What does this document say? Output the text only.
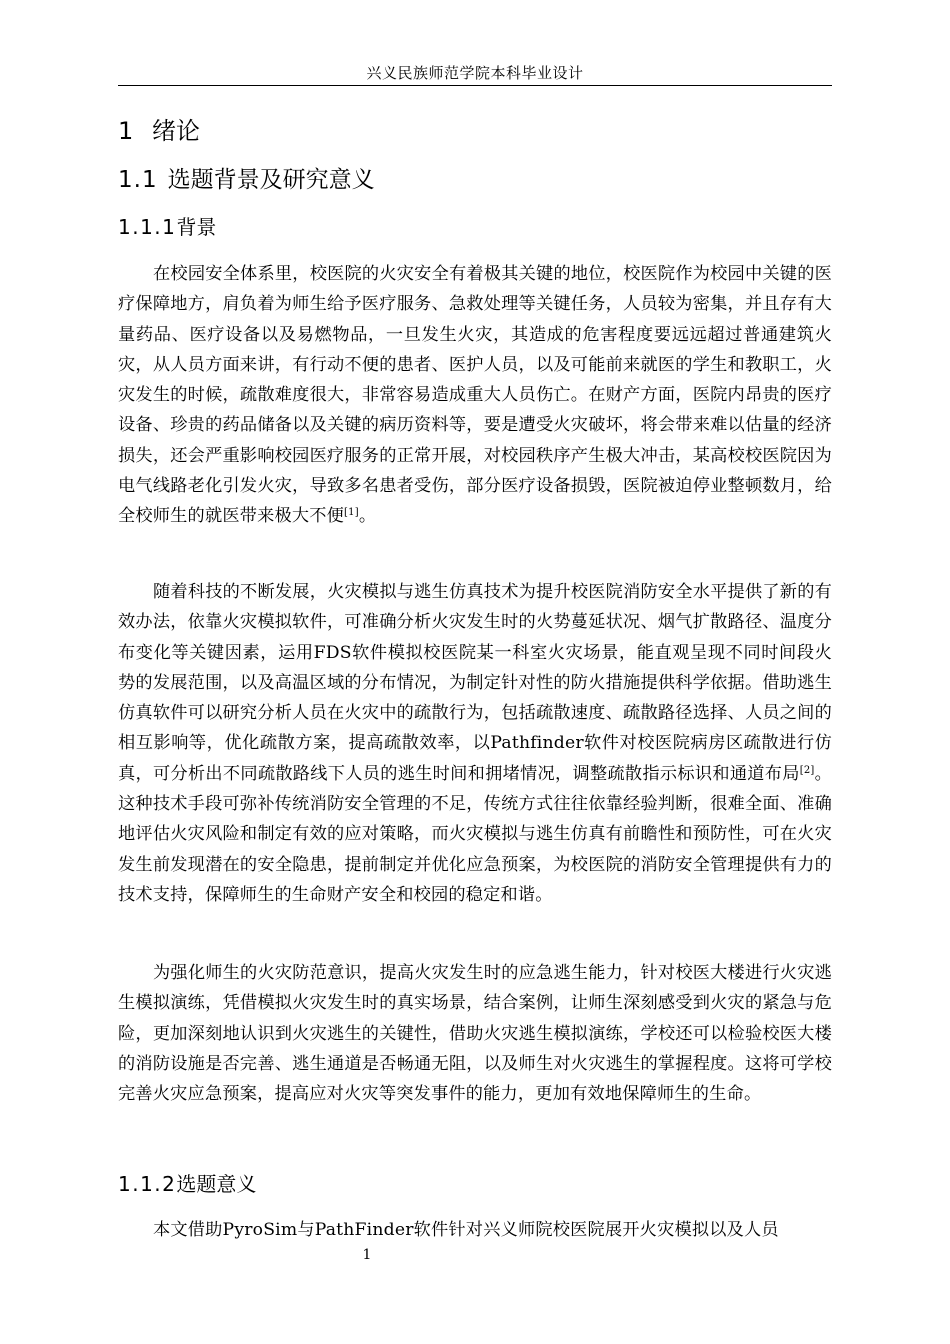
兴义民族师范学院本科毕业设计
1 绪论
1.1 选题背景及研究意义
1.1.1背景

在校园安全体系里，校医院的火灾安全有着极其关键的地位，校医院作为校园中关键的医疗保障地方，肩负着为师生给予医疗服务、急救处理等关键任务，人员较为密集，并且存有大量药品、医疗设备以及易燃物品，一旦发生火灾，其造成的危害程度要远远超过普通建筑火灾，从人员方面来讲，有行动不便的患者、医护人员，以及可能前来就医的学生和教职工，火灾发生的时候，疏散难度很大，非常容易造成重大人员伤亡。在财产方面，医院内昂贵的医疗设备、珍贵的药品储备以及关键的病历资料等，要是遭受火灾破坏，将会带来难以估量的经济损失，还会严重影响校园医疗服务的正常开展，对校园秩序产生极大冲击，某高校校医院因为电气线路老化引发火灾，导致多名患者受伤，部分医疗设备损毁，医院被迫停业整顿数月，给全校师生的就医带来极大不便[1]。

随着科技的不断发展，火灾模拟与逃生仿真技术为提升校医院消防安全水平提供了新的有效办法，依靠火灾模拟软件，可准确分析火灾发生时的火势蔓延状况、烟气扩散路径、温度分布变化等关键因素，运用FDS软件模拟校医院某一科室火灾场景，能直观呈现不同时间段火势的发展范围，以及高温区域的分布情况，为制定针对性的防火措施提供科学依据。借助逃生仿真软件可以研究分析人员在火灾中的疏散行为，包括疏散速度、疏散路径选择、人员之间的相互影响等，优化疏散方案，提高疏散效率，以Pathfinder软件对校医院病房区疏散进行仿真，可分析出不同疏散路线下人员的逃生时间和拥堵情况，调整疏散指示标识和通道布局[2]。这种技术手段可弥补传统消防安全管理的不足，传统方式往往依靠经验判断，很难全面、准确地评估火灾风险和制定有效的应对策略，而火灾模拟与逃生仿真有前瞻性和预防性，可在火灾发生前发现潜在的安全隐患，提前制定并优化应急预案，为校医院的消防安全管理提供有力的技术支持，保障师生的生命财产安全和校园的稳定和谐。

为强化师生的火灾防范意识，提高火灾发生时的应急逃生能力，针对校医大楼进行火灾逃生模拟演练，凭借模拟火灾发生时的真实场景，结合案例，让师生深刻感受到火灾的紧急与危险，更加深刻地认识到火灾逃生的关键性，借助火灾逃生模拟演练，学校还可以检验校医大楼的消防设施是否完善、逃生通道是否畅通无阻，以及师生对火灾逃生的掌握程度。这将可学校完善火灾应急预案，提高应对火灾等突发事件的能力，更加有效地保障师生的生命。

1.1.2选题意义

本文借助PyroSim与PathFinder软件针对兴义师院校医院展开火灾模拟以及人员

1
